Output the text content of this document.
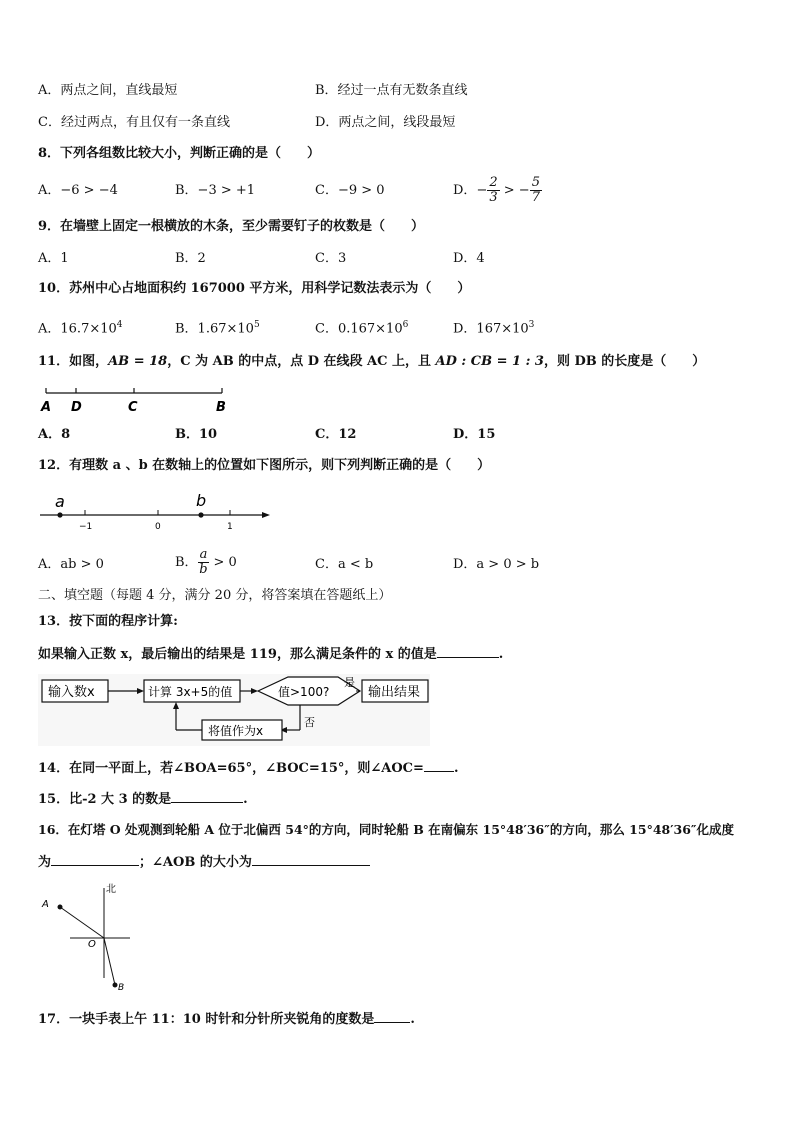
A．两点之间，直线最短	B．经过一点有无数条直线
C．经过两点，有且仅有一条直线	D．两点之间，线段最短
8．下列各组数比较大小，判断正确的是（　　）
A．−6 > −4	B．−3 > +1	C．−9 > 0	D．− $\frac{2}{3}$ > − $\frac{5}{7}$
9．在墙壁上固定一根横放的木条，至少需要钉子的枚数是（　　）
A．1	B．2	C．3	D．4
10．苏州中心占地面积约 167000 平方米，用科学记数法表示为（　　）
A．$16.7\times 10^4$	B．$1.67\times 10^5$	C．$0.167\times 10^6$	D．$167\times 10^3$
11．如图，AB = 18，C 为 AB 的中点，点 D 在线段 AC 上，且 AD : CB = 1 : 3，则 DB 的长度是（　　）
A D	C	B
A．8	B．10	C．12	D．15
12．有理数 a 、b 在数轴上的位置如下图所示，则下列判断正确的是（　　）
a	b
−1	0	1
A．ab > 0	B． $\frac{a}{b} > 0$	C．a < b	D．a > 0 > b
二、填空题（每题 4 分，满分 20 分，将答案填在答题纸上）
13．按下面的程序计算:
如果输入正数 x，最后输出的结果是 119，那么满足条件的 x 的值是	.
输入数x	计算 3x+5的值	值>100?
是
输出结果
否
将值作为x
14．在同一平面上，若∠BOA=65°，∠BOC=15°，则∠AOC= .
15．比-2 大 3 的数是	.
16．在灯塔 O 处观测到轮船 A 位于北偏西 54°的方向，同时轮船 B 在南偏东 15°48′36″的方向，那么 15°48′36″化成度
为	；∠AOB 的大小为
北
A
O
B
17．一块手表上午 11：10 时针和分针所夹锐角的度数是	.
